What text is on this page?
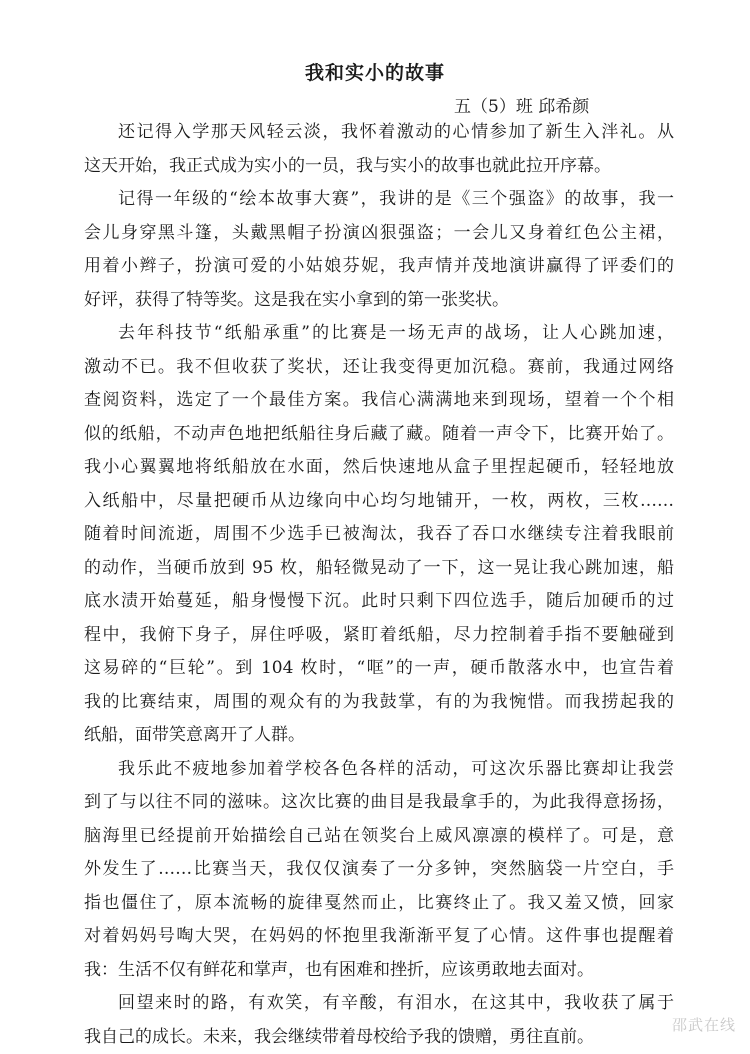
我和实小的故事
五（5）班 邱希颜
还记得入学那天风轻云淡，我怀着激动的心情参加了新生入泮礼。从
这天开始，我正式成为实小的一员，我与实小的故事也就此拉开序幕。
记得一年级的“绘本故事大赛”，我讲的是《三个强盗》的故事，我一
会儿身穿黑斗篷，头戴黑帽子扮演凶狠强盗；一会儿又身着红色公主裙，
用着小辫子，扮演可爱的小姑娘芬妮，我声情并茂地演讲赢得了评委们的
好评，获得了特等奖。这是我在实小拿到的第一张奖状。
去年科技节“纸船承重”的比赛是一场无声的战场，让人心跳加速，
激动不已。我不但收获了奖状，还让我变得更加沉稳。赛前，我通过网络
查阅资料，选定了一个最佳方案。我信心满满地来到现场，望着一个个相
似的纸船，不动声色地把纸船往身后藏了藏。随着一声令下，比赛开始了。
我小心翼翼地将纸船放在水面，然后快速地从盒子里捏起硬币，轻轻地放
入纸船中，尽量把硬币从边缘向中心均匀地铺开，一枚，两枚，三枚……
随着时间流逝，周围不少选手已被淘汰，我吞了吞口水继续专注着我眼前
的动作，当硬币放到 95 枚，船轻微晃动了一下，这一晃让我心跳加速，船
底水渍开始蔓延，船身慢慢下沉。此时只剩下四位选手，随后加硬币的过
程中，我俯下身子，屏住呼吸，紧盯着纸船，尽力控制着手指不要触碰到
这易碎的“巨轮”。到 104 枚时，“哐”的一声，硬币散落水中，也宣告着
我的比赛结束，周围的观众有的为我鼓掌，有的为我惋惜。而我捞起我的
纸船，面带笑意离开了人群。
我乐此不疲地参加着学校各色各样的活动，可这次乐器比赛却让我尝
到了与以往不同的滋味。这次比赛的曲目是我最拿手的，为此我得意扬扬，
脑海里已经提前开始描绘自己站在领奖台上威风凛凛的模样了。可是，意
外发生了……比赛当天，我仅仅演奏了一分多钟，突然脑袋一片空白，手
指也僵住了，原本流畅的旋律戛然而止，比赛终止了。我又羞又愤，回家
对着妈妈号啕大哭，在妈妈的怀抱里我渐渐平复了心情。这件事也提醒着
我：生活不仅有鲜花和掌声，也有困难和挫折，应该勇敢地去面对。
回望来时的路，有欢笑，有辛酸，有泪水，在这其中，我收获了属于
我自己的成长。未来，我会继续带着母校给予我的馈赠，勇往直前。
邵武在线
